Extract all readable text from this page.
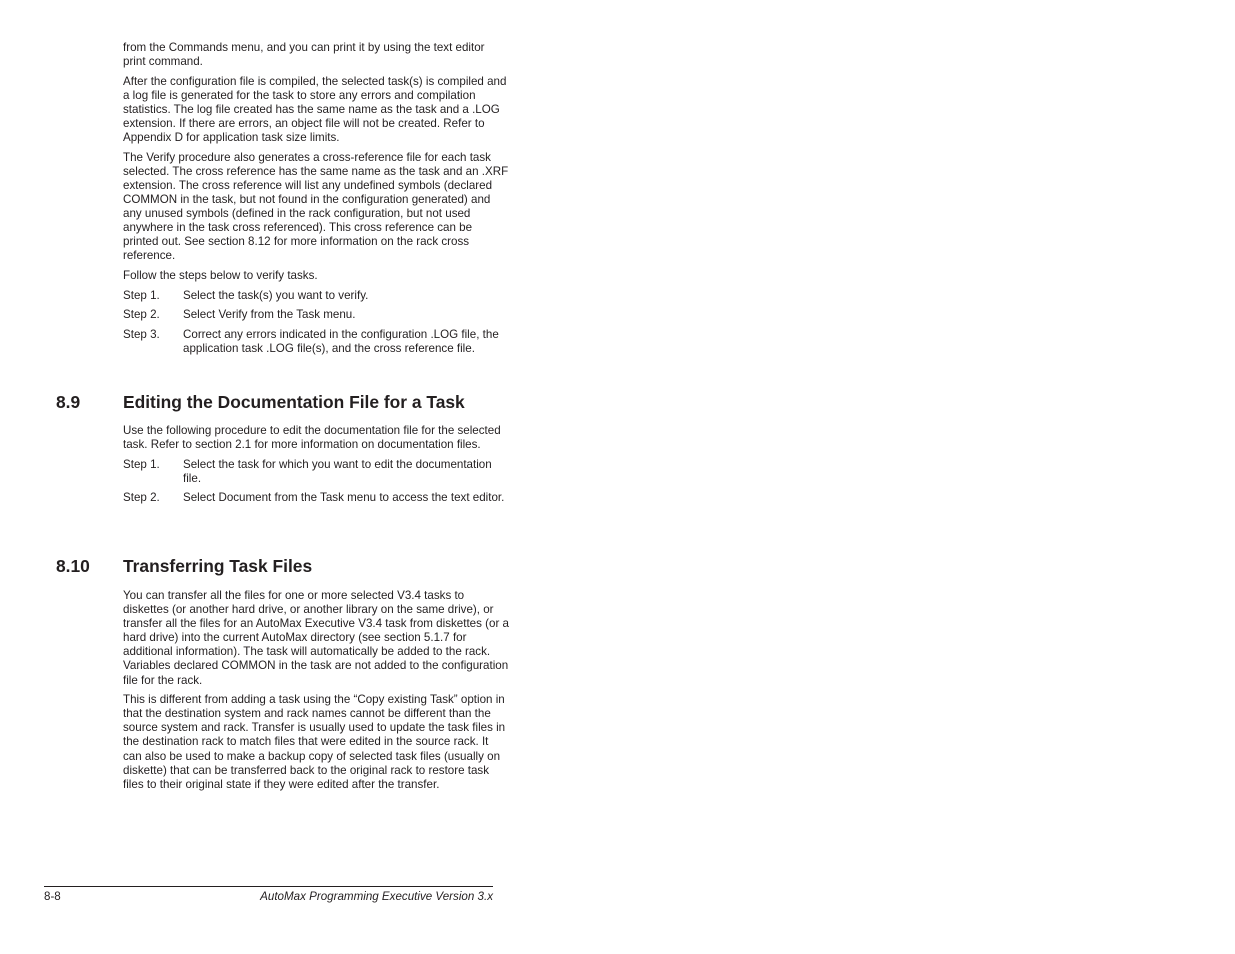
from the Commands menu, and you can print it by using the text editor print command.

After the configuration file is compiled, the selected task(s) is compiled and a log file is generated for the task to store any errors and compilation statistics. The log file created has the same name as the task and a .LOG extension. If there are errors, an object file will not be created. Refer to Appendix D for application task size limits.

The Verify procedure also generates a cross-reference file for each task selected. The cross reference has the same name as the task and an .XRF extension. The cross reference will list any undefined symbols (declared COMMON in the task, but not found in the configuration generated) and any unused symbols (defined in the rack configuration, but not used anywhere in the task cross referenced). This cross reference can be printed out. See section 8.12 for more information on the rack cross reference.

Follow the steps below to verify tasks.

Step 1.	Select the task(s) you want to verify.
Step 2.	Select Verify from the Task menu.
Step 3.	Correct any errors indicated in the configuration .LOG file, the application task .LOG file(s), and the cross reference file.
8.9	Editing the Documentation File for a Task

Use the following procedure to edit the documentation file for the selected task. Refer to section 2.1 for more information on documentation files.

Step 1.	Select the task for which you want to edit the documentation file.
Step 2.	Select Document from the Task menu to access the text editor.
8.10	Transferring Task Files

You can transfer all the files for one or more selected V3.4 tasks to diskettes (or another hard drive, or another library on the same drive), or transfer all the files for an AutoMax Executive V3.4 task from diskettes (or a hard drive) into the current AutoMax directory (see section 5.1.7 for additional information). The task will automatically be added to the rack. Variables declared COMMON in the task are not added to the configuration file for the rack.

This is different from adding a task using the “Copy existing Task” option in that the destination system and rack names cannot be different than the source system and rack. Transfer is usually used to update the task files in the destination rack to match files that were edited in the source rack. It can also be used to make a backup copy of selected task files (usually on diskette) that can be transferred back to the original rack to restore task files to their original state if they were edited after the transfer.

8-8	AutoMax Programming Executive Version 3.x
